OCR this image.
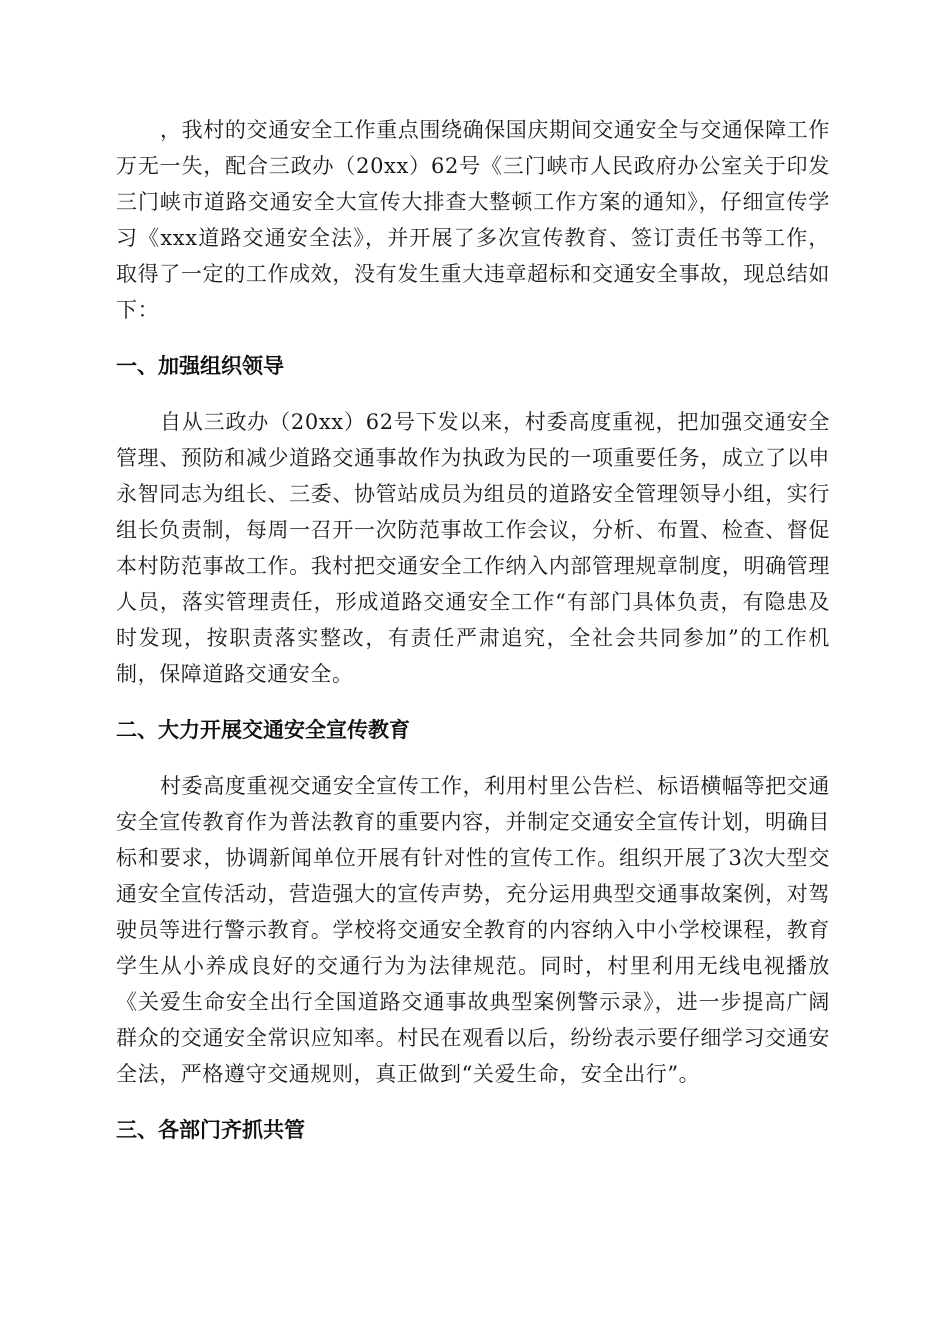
，我村的交通安全工作重点围绕确保国庆期间交通安全与交通保障工作万无一失，配合三政办（20xx）62号《三门峡市人民政府办公室关于印发三门峡市道路交通安全大宣传大排查大整顿工作方案的通知》，仔细宣传学习《xxx道路交通安全法》，并开展了多次宣传教育、签订责任书等工作，取得了一定的工作成效，没有发生重大违章超标和交通安全事故，现总结如下：

一、加强组织领导

自从三政办（20xx）62号下发以来，村委高度重视，把加强交通安全管理、预防和减少道路交通事故作为执政为民的一项重要任务，成立了以申永智同志为组长、三委、协管站成员为组员的道路安全管理领导小组，实行组长负责制，每周一召开一次防范事故工作会议，分析、布置、检查、督促本村防范事故工作。我村把交通安全工作纳入内部管理规章制度，明确管理人员，落实管理责任，形成道路交通安全工作“有部门具体负责，有隐患及时发现，按职责落实整改，有责任严肃追究，全社会共同参加”的工作机制，保障道路交通安全。

二、大力开展交通安全宣传教育

村委高度重视交通安全宣传工作，利用村里公告栏、标语横幅等把交通安全宣传教育作为普法教育的重要内容，并制定交通安全宣传计划，明确目标和要求，协调新闻单位开展有针对性的宣传工作。组织开展了3次大型交通安全宣传活动，营造强大的宣传声势，充分运用典型交通事故案例，对驾驶员等进行警示教育。学校将交通安全教育的内容纳入中小学校课程，教育学生从小养成良好的交通行为为法律规范。同时，村里利用无线电视播放《关爱生命安全出行全国道路交通事故典型案例警示录》，进一步提高广阔群众的交通安全常识应知率。村民在观看以后，纷纷表示要仔细学习交通安全法，严格遵守交通规则，真正做到“关爱生命，安全出行”。

三、各部门齐抓共管
